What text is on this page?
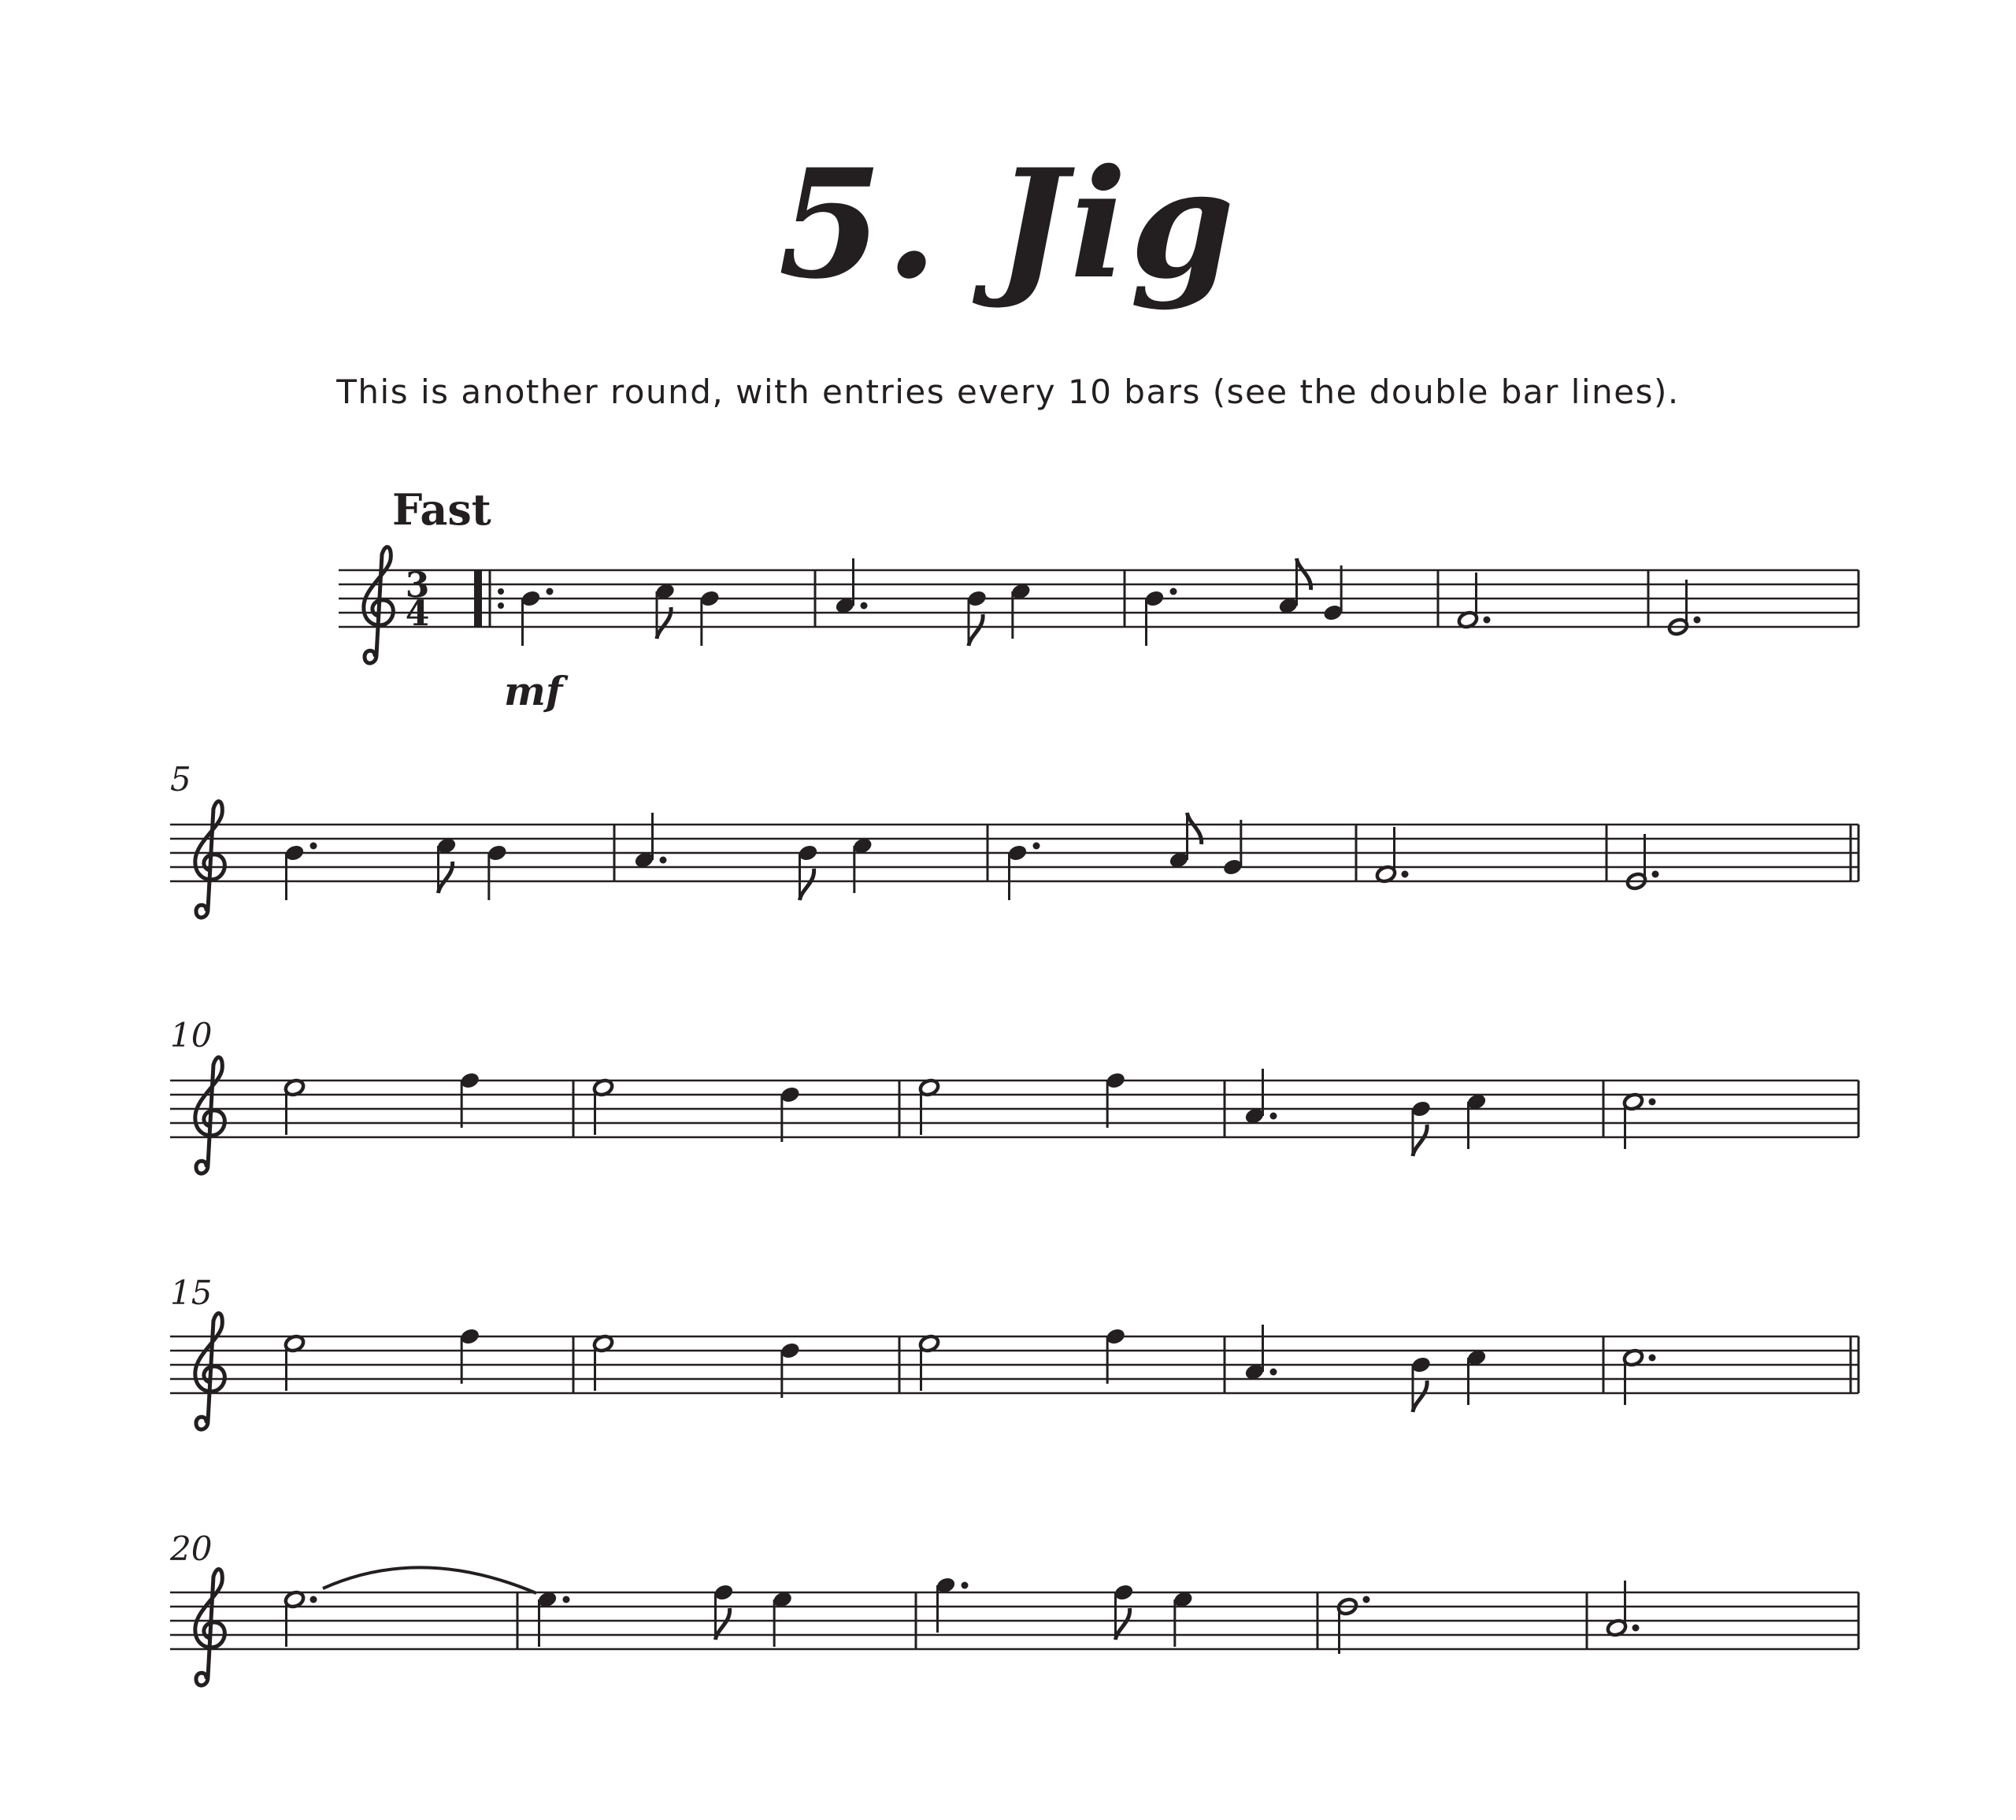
5. Jig
This is another round, with entries every 10 bars (see the double bar lines).
Fast
mf
5
10
15
20
3
4
